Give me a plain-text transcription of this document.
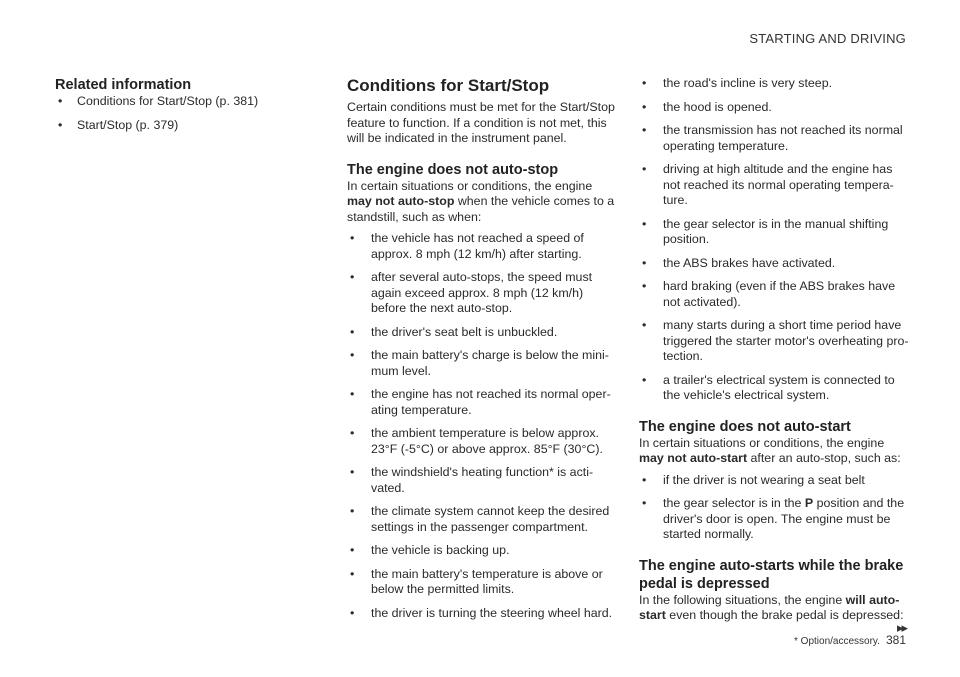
STARTING AND DRIVING
Related information
• Conditions for Start/Stop (p. 381)
• Start/Stop (p. 379)
Conditions for Start/Stop

Certain conditions must be met for the Start/Stop feature to function. If a condition is not met, this will be indicated in the instrument panel.

The engine does not auto-stop

In certain situations or conditions, the engine may not auto-stop when the vehicle comes to a standstill, such as when:

• the vehicle has not reached a speed of approx. 8 mph (12 km/h) after starting.
• after several auto-stops, the speed must again exceed approx. 8 mph (12 km/h) before the next auto-stop.
• the driver's seat belt is unbuckled.
• the main battery's charge is below the mini-mum level.
• the engine has not reached its normal oper-ating temperature.
• the ambient temperature is below approx. 23°F (-5°C) or above approx. 85°F (30°C).
• the windshield's heating function* is acti-vated.
• the climate system cannot keep the desired settings in the passenger compartment.
• the vehicle is backing up.
• the main battery's temperature is above or below the permitted limits.
• the driver is turning the steering wheel hard.
• the road's incline is very steep.
• the hood is opened.
• the transmission has not reached its normal operating temperature.
• driving at high altitude and the engine has not reached its normal operating tempera-ture.
• the gear selector is in the manual shifting position.
• the ABS brakes have activated.
• hard braking (even if the ABS brakes have not activated).
• many starts during a short time period have triggered the starter motor's overheating pro-tection.
• a trailer's electrical system is connected to the vehicle's electrical system.
The engine does not auto-start

In certain situations or conditions, the engine may not auto-start after an auto-stop, such as:

• if the driver is not wearing a seat belt
• the gear selector is in the P position and the driver's door is open. The engine must be started normally.
The engine auto-starts while the brake pedal is depressed

In the following situations, the engine will auto-start even though the brake pedal is depressed:

▸▸
* Option/accessory. 381
